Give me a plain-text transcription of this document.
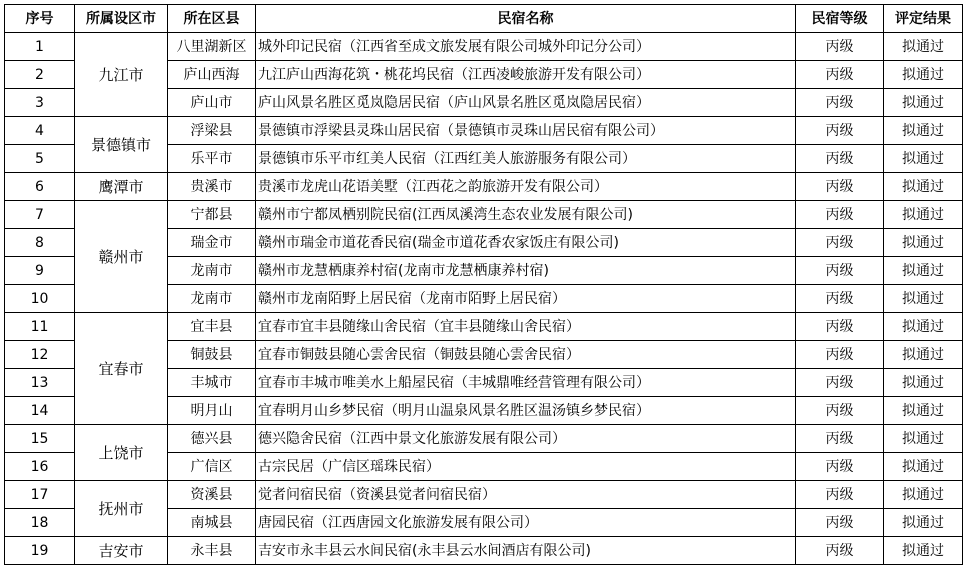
序号	所属设区市	所在区县	民宿名称	民宿等级	评定结果
1	九江市	八里湖新区	城外印记民宿（江西省至成文旅发展有限公司城外印记分公司）	丙级	拟通过
2		庐山西海	九江庐山西海花筑・桃花坞民宿（江西凌峻旅游开发有限公司）	丙级	拟通过
3		庐山市	庐山风景名胜区觅岚隐居民宿（庐山风景名胜区觅岚隐居民宿）	丙级	拟通过
4	景德镇市	浮梁县	景德镇市浮梁县灵珠山居民宿（景德镇市灵珠山居民宿有限公司）	丙级	拟通过
5		乐平市	景德镇市乐平市红美人民宿（江西红美人旅游服务有限公司）	丙级	拟通过
6	鹰潭市	贵溪市	贵溪市龙虎山花语美墅（江西花之韵旅游开发有限公司）	丙级	拟通过
7	赣州市	宁都县	赣州市宁都凤栖别院民宿(江西凤溪湾生态农业发展有限公司)	丙级	拟通过
8		瑞金市	赣州市瑞金市道花香民宿(瑞金市道花香农家饭庄有限公司)	丙级	拟通过
9		龙南市	赣州市龙慧栖康养村宿(龙南市龙慧栖康养村宿)	丙级	拟通过
10		龙南市	赣州市龙南陌野上居民宿（龙南市陌野上居民宿）	丙级	拟通过
11	宜春市	宜丰县	宜春市宜丰县随缘山舍民宿（宜丰县随缘山舍民宿）	丙级	拟通过
12		铜鼓县	宜春市铜鼓县随心雲舍民宿（铜鼓县随心雲舍民宿）	丙级	拟通过
13		丰城市	宜春市丰城市唯美水上船屋民宿（丰城鼎唯经营管理有限公司）	丙级	拟通过
14		明月山	宜春明月山乡梦民宿（明月山温泉风景名胜区温汤镇乡梦民宿）	丙级	拟通过
15	上饶市	德兴县	德兴隐舍民宿（江西中景文化旅游发展有限公司）	丙级	拟通过
16		广信区	古宗民居（广信区瑶珠民宿）	丙级	拟通过
17	抚州市	资溪县	觉者问宿民宿（资溪县觉者问宿民宿）	丙级	拟通过
18		南城县	唐园民宿（江西唐园文化旅游发展有限公司）	丙级	拟通过
19	吉安市	永丰县	吉安市永丰县云水间民宿(永丰县云水间酒店有限公司)	丙级	拟通过
